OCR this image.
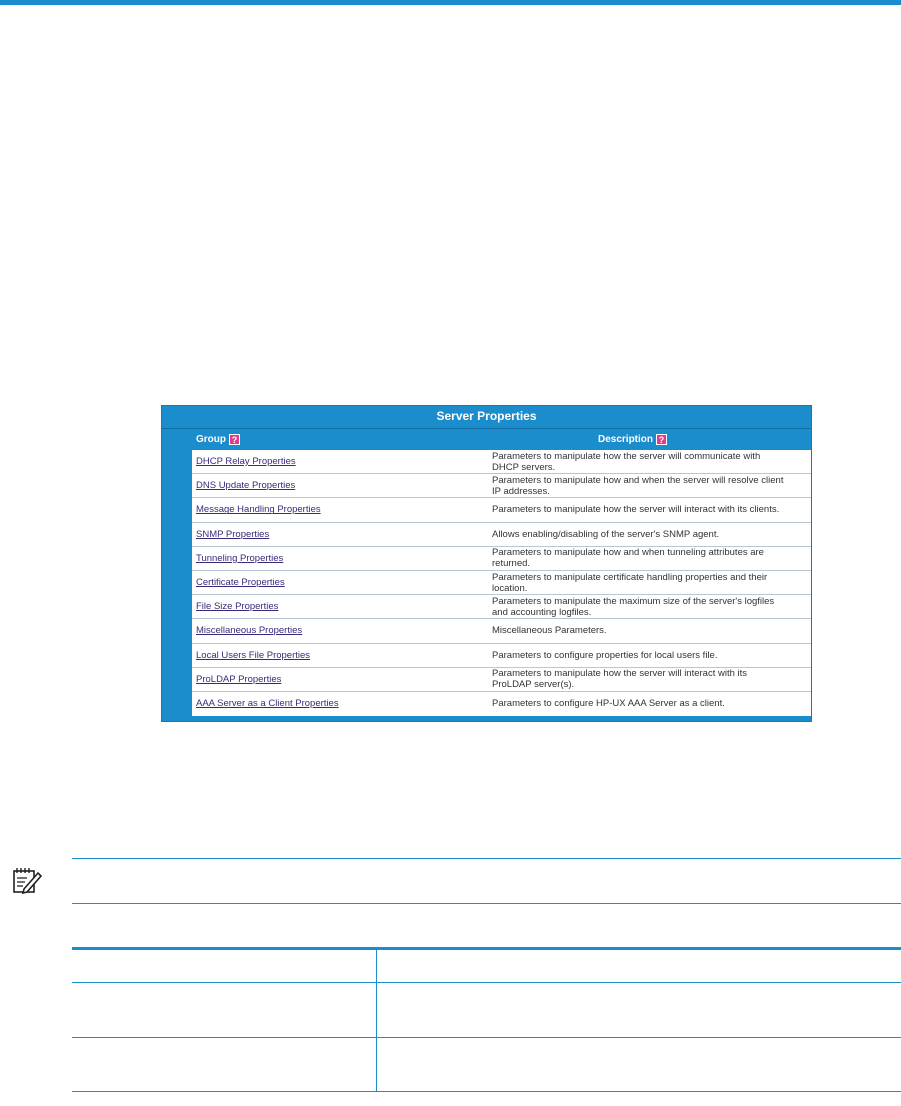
Server Properties
Group ?	Description ?
DHCP Relay Properties	Parameters to manipulate how the server will communicate with DHCP servers.
DNS Update Properties	Parameters to manipulate how and when the server will resolve client IP addresses.
Message Handling Properties	Parameters to manipulate how the server will interact with its clients.
SNMP Properties	Allows enabling/disabling of the server's SNMP agent.
Tunneling Properties	Parameters to manipulate how and when tunneling attributes are returned.
Certificate Properties	Parameters to manipulate certificate handling properties and their location.
File Size Properties	Parameters to manipulate the maximum size of the server's logfiles and accounting logfiles.
Miscellaneous Properties	Miscellaneous Parameters.
Local Users File Properties	Parameters to configure properties for local users file.
ProLDAP Properties	Parameters to manipulate how the server will interact with its ProLDAP server(s).
AAA Server as a Client Properties	Parameters to configure HP-UX AAA Server as a client.
